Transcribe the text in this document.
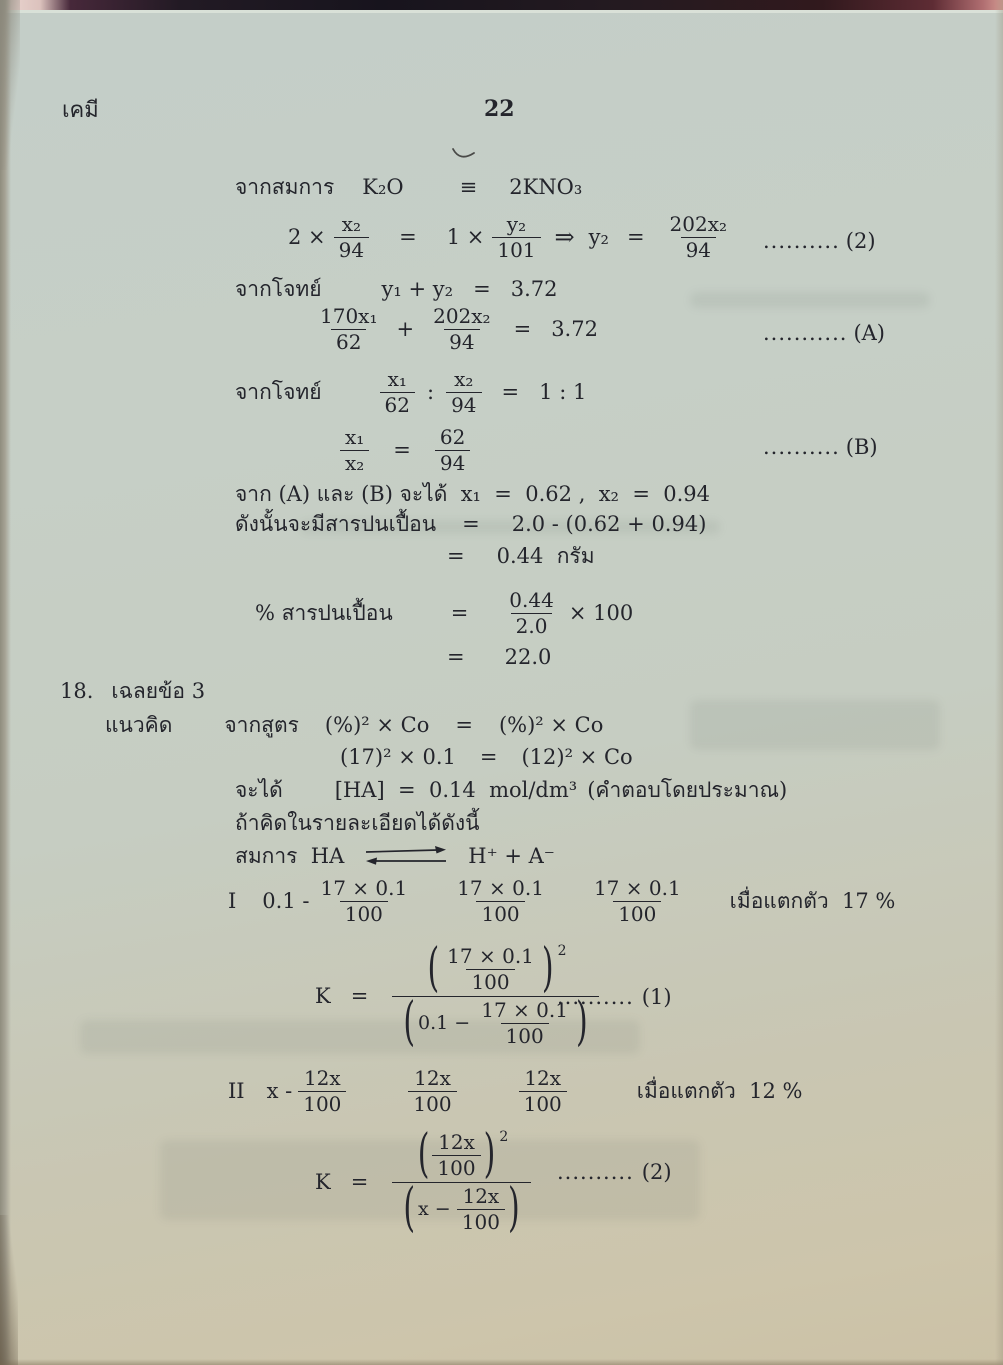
เคมี	22
จากสมการ K₂O	≡ 2KNO₃
$2 \times \frac{\text{x₂}}{94} = 1 \times \frac{\text{y₂}}{101}$ ⇒ $y_2 = \frac{\text{202x₂}}{94}$ .......... (2)
จากโจทย์	y₁ + y₂   =   3.72
$\frac{\text{170x₁}}{62} + \frac{\text{202x₂}}{94} = 3.72$	........... (A)
จากโจทย์	$\frac{\text{x₁}}{62}$ : $\frac{\text{x₂}}{94} = 1$ : 1
$\frac{\text{x₁}}{\text{x₂}} = \frac{62}{94}$	.......... (B)
จาก (A) และ (B) จะได้  x₁  =  0.62 ,  x₂  =  0.94
ดังนั้นจะมีสารปนเปื้อน = 2.0 - (0.62 + 0.94)
= 0.44  กรัม
% สารปนเปื้อน	= $\frac{0.44}{2.0} \times 100$
= 22.0
18. เฉลยข้อ 3
แนวคิด จากสูตร (%)² × Co = (%)² × Co
(17)² × 0.1 = (12)² × Co
จะได้ [HA]  =  0.14  mol/dm³ (คำตอบโดยประมาณ)
ถ้าคิดในรายละเอียดได้ดังนี้
สมการ  HA	H⁺ + A⁻
I $0.1 - \frac{17 \times 0.1}{100} \frac{17 \times 0.1}{100} \frac{17 \times 0.1}{100}$ เมื่อแตกตัว  17 %
K = ( $\frac{17 \times 0.1}{100}$ ) 2
( $0.1 - \frac{17 \times 0.1}{100}$ )
.......... (1)
II x - $\frac{12x}{100}$	$\frac{12x}{100}$	$\frac{12x}{100}$	เมื่อแตกตัว  12 %
K = ( $\frac{12x}{100}$ ) 2
( $x - \frac{12x}{100}$ )
.......... (2)
